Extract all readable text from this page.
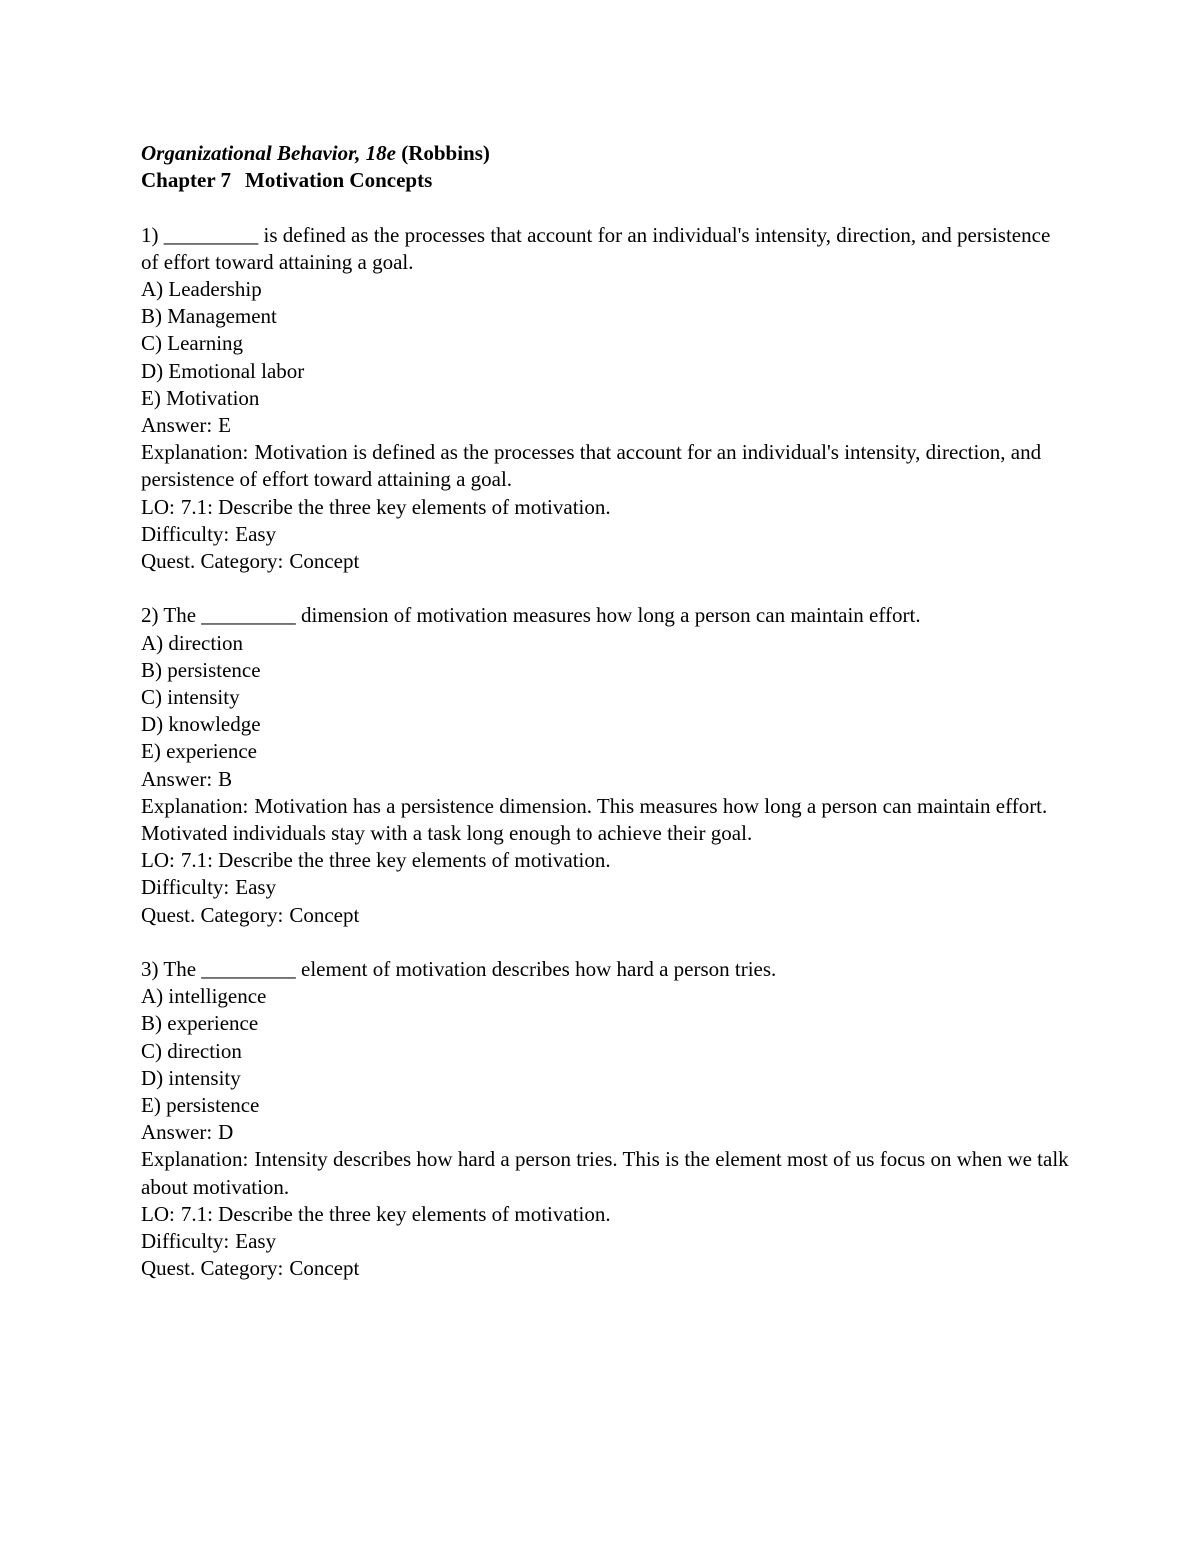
Organizational Behavior, 18e (Robbins)
Chapter 7 Motivation Concepts
1) _________ is defined as the processes that account for an individual's intensity, direction, and persistence of effort toward attaining a goal.
A) Leadership
B) Management
C) Learning
D) Emotional labor
E) Motivation
Answer: E
Explanation: Motivation is defined as the processes that account for an individual's intensity, direction, and persistence of effort toward attaining a goal.
LO: 7.1: Describe the three key elements of motivation.
Difficulty: Easy
Quest. Category: Concept
2) The _________ dimension of motivation measures how long a person can maintain effort.
A) direction
B) persistence
C) intensity
D) knowledge
E) experience
Answer: B
Explanation: Motivation has a persistence dimension. This measures how long a person can maintain effort. Motivated individuals stay with a task long enough to achieve their goal.
LO: 7.1: Describe the three key elements of motivation.
Difficulty: Easy
Quest. Category: Concept
3) The _________ element of motivation describes how hard a person tries.
A) intelligence
B) experience
C) direction
D) intensity
E) persistence
Answer: D
Explanation: Intensity describes how hard a person tries. This is the element most of us focus on when we talk about motivation.
LO: 7.1: Describe the three key elements of motivation.
Difficulty: Easy
Quest. Category: Concept
